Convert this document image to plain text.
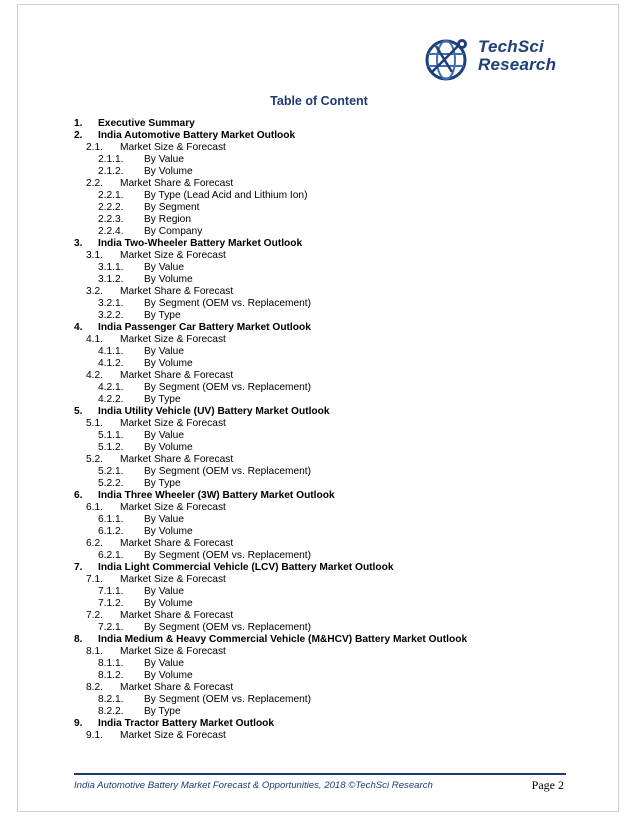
TechSci
Research
Table of Content
1. Executive Summary
2. India Automotive Battery Market Outlook
2.1. Market Size & Forecast
2.1.1. By Value
2.1.2. By Volume
2.2. Market Share & Forecast
2.2.1. By Type (Lead Acid and Lithium Ion)
2.2.2. By Segment
2.2.3. By Region
2.2.4. By Company
3. India Two-Wheeler Battery Market Outlook
3.1. Market Size & Forecast
3.1.1. By Value
3.1.2. By Volume
3.2. Market Share & Forecast
3.2.1. By Segment (OEM vs. Replacement)
3.2.2. By Type
4. India Passenger Car Battery Market Outlook
4.1. Market Size & Forecast
4.1.1. By Value
4.1.2. By Volume
4.2. Market Share & Forecast
4.2.1. By Segment (OEM vs. Replacement)
4.2.2. By Type
5. India Utility Vehicle (UV) Battery Market Outlook
5.1. Market Size & Forecast
5.1.1. By Value
5.1.2. By Volume
5.2. Market Share & Forecast
5.2.1. By Segment (OEM vs. Replacement)
5.2.2. By Type
6. India Three Wheeler (3W) Battery Market Outlook
6.1. Market Size & Forecast
6.1.1. By Value
6.1.2. By Volume
6.2. Market Share & Forecast
6.2.1. By Segment (OEM vs. Replacement)
7. India Light Commercial Vehicle (LCV) Battery Market Outlook
7.1. Market Size & Forecast
7.1.1. By Value
7.1.2. By Volume
7.2. Market Share & Forecast
7.2.1. By Segment (OEM vs. Replacement)
8. India Medium & Heavy Commercial Vehicle (M&HCV) Battery Market Outlook
8.1. Market Size & Forecast
8.1.1. By Value
8.1.2. By Volume
8.2. Market Share & Forecast
8.2.1. By Segment (OEM vs. Replacement)
8.2.2. By Type
9. India Tractor Battery Market Outlook
9.1. Market Size & Forecast
India Automotive Battery Market Forecast & Opportunities, 2018 ©TechSci Research	Page 2
